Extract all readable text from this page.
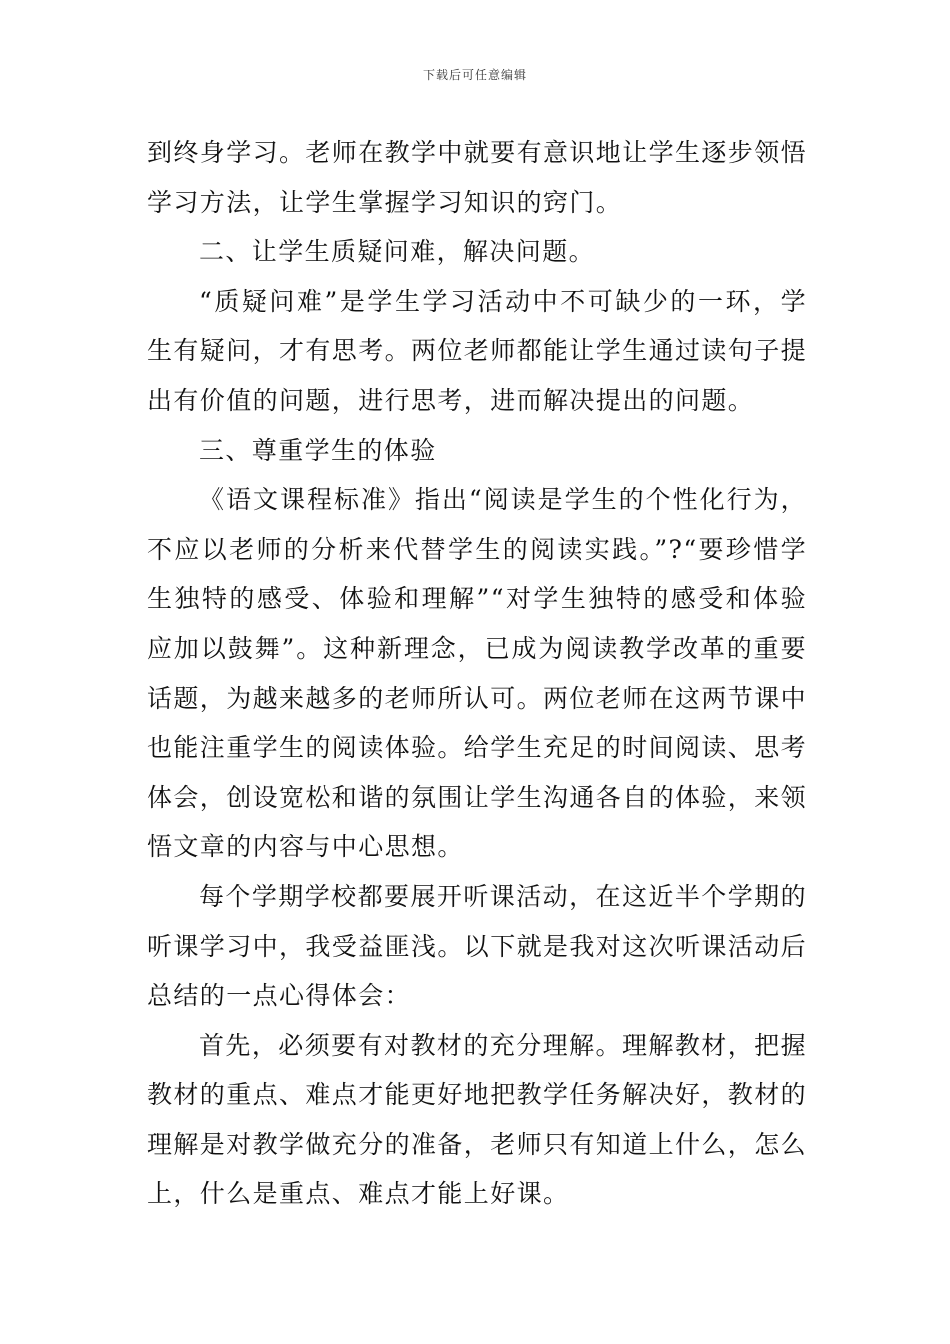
下载后可任意编辑

到终身学习。老师在教学中就要有意识地让学生逐步领悟学习方法，让学生掌握学习知识的窍门。

二、让学生质疑问难，解决问题。

“质疑问难”是学生学习活动中不可缺少的一环，学生有疑问，才有思考。两位老师都能让学生通过读句子提出有价值的问题，进行思考，进而解决提出的问题。

三、尊重学生的体验

《语文课程标准》指出“阅读是学生的个性化行为，不应以老师的分析来代替学生的阅读实践。”?“要珍惜学生独特的感受、体验和理解”“对学生独特的感受和体验应加以鼓舞”。这种新理念，已成为阅读教学改革的重要话题，为越来越多的老师所认可。两位老师在这两节课中也能注重学生的阅读体验。给学生充足的时间阅读、思考体会，创设宽松和谐的氛围让学生沟通各自的体验，来领悟文章的内容与中心思想。

每个学期学校都要展开听课活动，在这近半个学期的听课学习中，我受益匪浅。以下就是我对这次听课活动后总结的一点心得体会：

首先，必须要有对教材的充分理解。理解教材，把握教材的重点、难点才能更好地把教学任务解决好，教材的理解是对教学做充分的准备，老师只有知道上什么，怎么上，什么是重点、难点才能上好课。
